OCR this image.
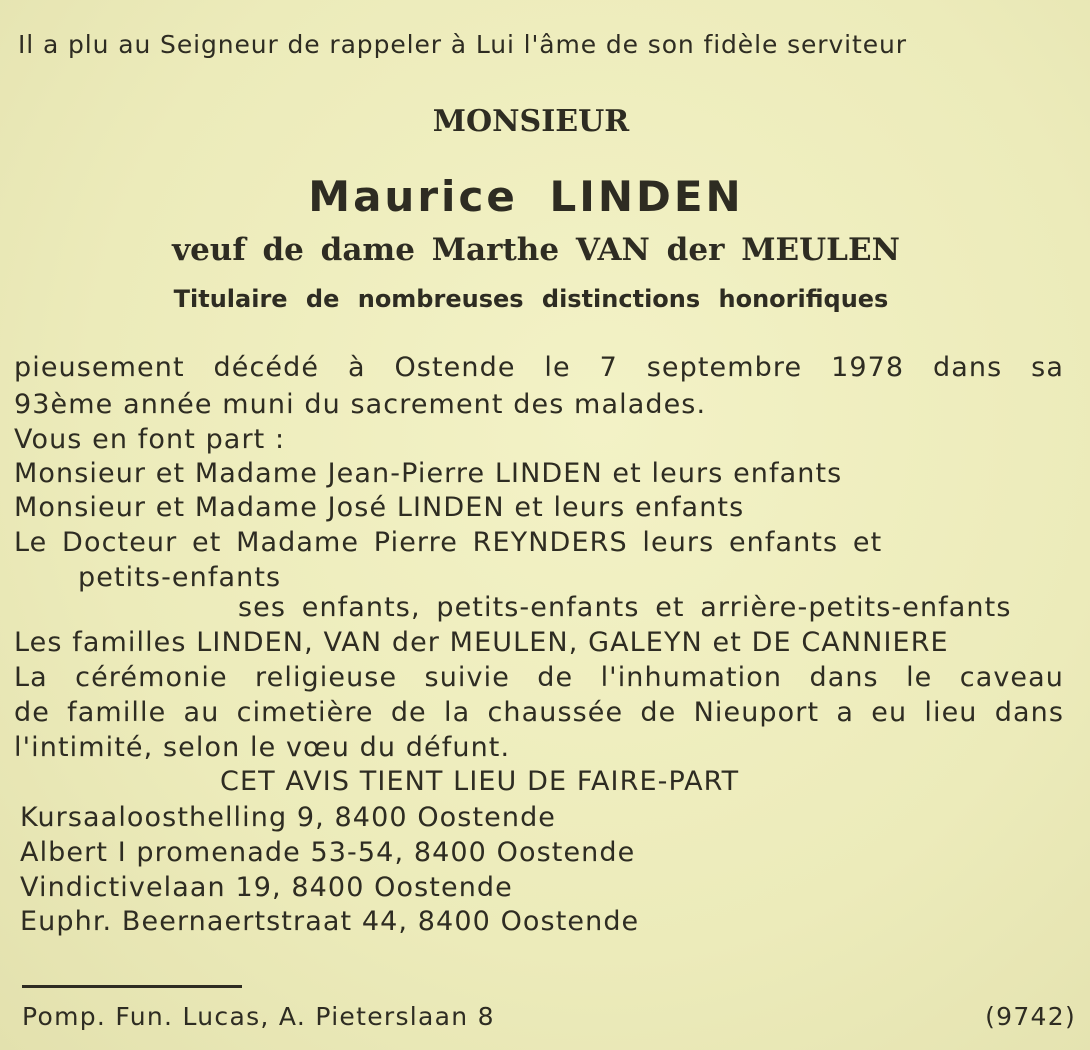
Il a plu au Seigneur de rappeler à Lui l'âme de son fidèle serviteur
MONSIEUR
Maurice LINDEN
veuf de dame Marthe VAN der MEULEN
Titulaire de nombreuses distinctions honorifiques
pieusement décédé à Ostende le 7 septembre 1978 dans sa
93ème année muni du sacrement des malades.
Vous en font part :
Monsieur et Madame Jean-Pierre LINDEN et leurs enfants
Monsieur et Madame José LINDEN et leurs enfants
Le Docteur et Madame Pierre REYNDERS leurs enfants et
petits-enfants
ses enfants, petits-enfants et arrière-petits-enfants
Les familles LINDEN, VAN der MEULEN, GALEYN et DE CANNIERE
La cérémonie religieuse suivie de l'inhumation dans le caveau
de famille au cimetière de la chaussée de Nieuport a eu lieu dans
l'intimité, selon le vœu du défunt.
CET AVIS TIENT LIEU DE FAIRE-PART
Kursaaloosthelling 9, 8400 Oostende
Albert I promenade 53-54, 8400 Oostende
Vindictivelaan 19, 8400 Oostende
Euphr. Beernaertstraat 44, 8400 Oostende
Pomp. Fun. Lucas, A. Pieterslaan 8	(9742)
